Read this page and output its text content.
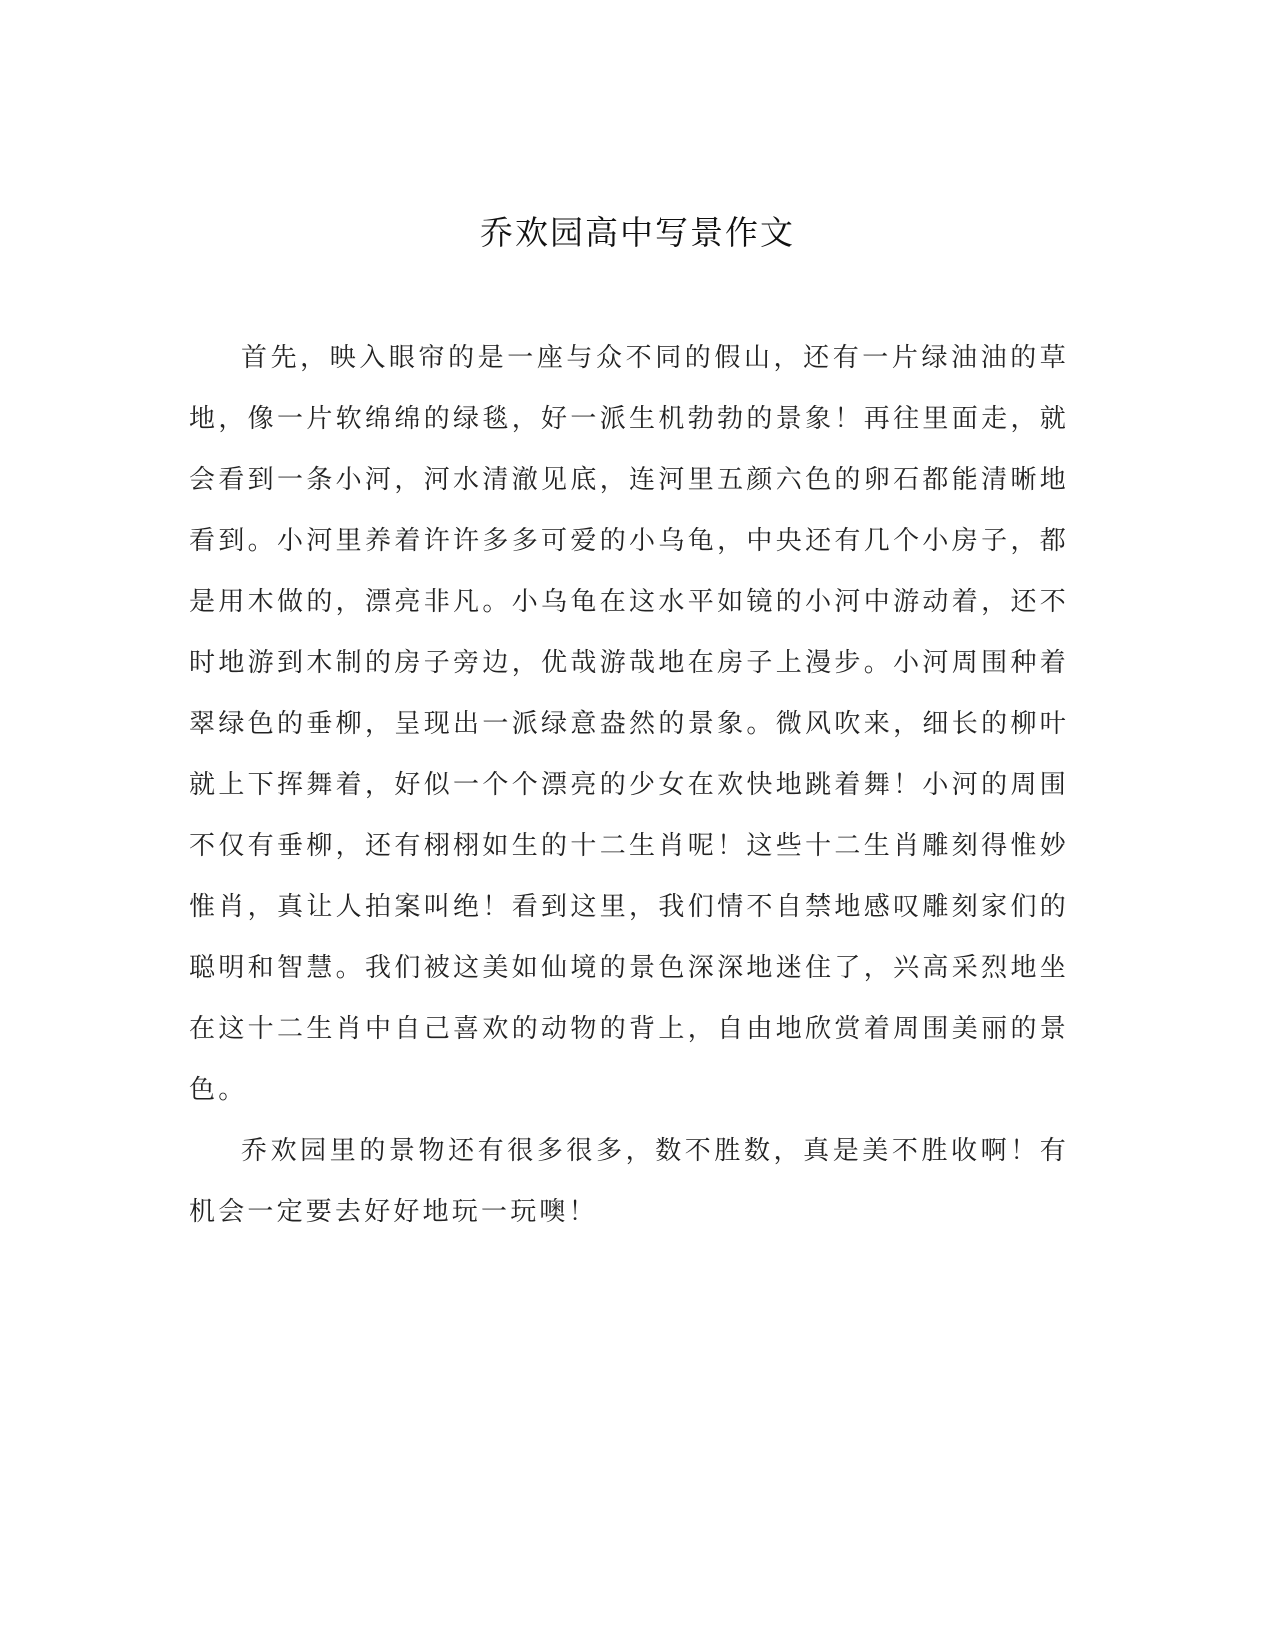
乔欢园高中写景作文

首先，映入眼帘的是一座与众不同的假山，还有一片绿油油的草地，像一片软绵绵的绿毯，好一派生机勃勃的景象！再往里面走，就会看到一条小河，河水清澈见底，连河里五颜六色的卵石都能清晰地看到。小河里养着许许多多可爱的小乌龟，中央还有几个小房子，都是用木做的，漂亮非凡。小乌龟在这水平如镜的小河中游动着，还不时地游到木制的房子旁边，优哉游哉地在房子上漫步。小河周围种着翠绿色的垂柳，呈现出一派绿意盎然的景象。微风吹来，细长的柳叶就上下挥舞着，好似一个个漂亮的少女在欢快地跳着舞！小河的周围不仅有垂柳，还有栩栩如生的十二生肖呢！这些十二生肖雕刻得惟妙惟肖，真让人拍案叫绝！看到这里，我们情不自禁地感叹雕刻家们的聪明和智慧。我们被这美如仙境的景色深深地迷住了，兴高采烈地坐在这十二生肖中自己喜欢的动物的背上，自由地欣赏着周围美丽的景色。

乔欢园里的景物还有很多很多，数不胜数，真是美不胜收啊！有机会一定要去好好地玩一玩噢！
